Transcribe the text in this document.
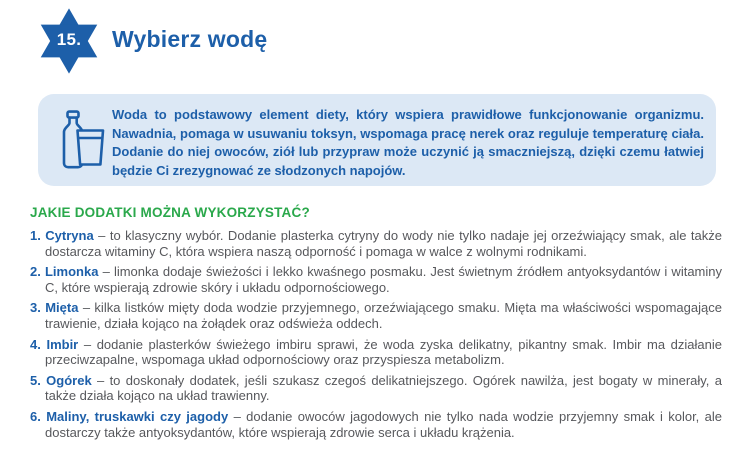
15. Wybierz wodę

Woda to podstawowy element diety, który wspiera prawidłowe funkcjonowanie organizmu. Nawadnia, pomaga w usuwaniu toksyn, wspomaga pracę nerek oraz reguluje temperaturę ciała. Dodanie do niej owoców, ziół lub przypraw może uczynić ją smaczniejszą, dzięki czemu łatwiej będzie Ci zrezygnować ze słodzonych napojów.

JAKIE DODATKI MOŻNA WYKORZYSTAĆ?
1. Cytryna – to klasyczny wybór. Dodanie plasterka cytryny do wody nie tylko nadaje jej orzeźwiający smak, ale także dostarcza witaminy C, która wspiera naszą odporność i pomaga w walce z wolnymi rodnikami.
2. Limonka – limonka dodaje świeżości i lekko kwaśnego posmaku. Jest świetnym źródłem antyoksydantów i witaminy C, które wspierają zdrowie skóry i układu odpornościowego.
3. Mięta – kilka listków mięty doda wodzie przyjemnego, orzeźwiającego smaku. Mięta ma właściwości wspomagające trawienie, działa kojąco na żołądek oraz odświeża oddech.
4. Imbir – dodanie plasterków świeżego imbiru sprawi, że woda zyska delikatny, pikantny smak. Imbir ma działanie przeciwzapalne, wspomaga układ odpornościowy oraz przyspiesza metabolizm.
5. Ogórek – to doskonały dodatek, jeśli szukasz czegoś delikatniejszego. Ogórek nawilża, jest bogaty w minerały, a także działa kojąco na układ trawienny.
6. Maliny, truskawki czy jagody – dodanie owoców jagodowych nie tylko nada wodzie przyjemny smak i kolor, ale dostarczy także antyoksydantów, które wspierają zdrowie serca i układu krążenia.
